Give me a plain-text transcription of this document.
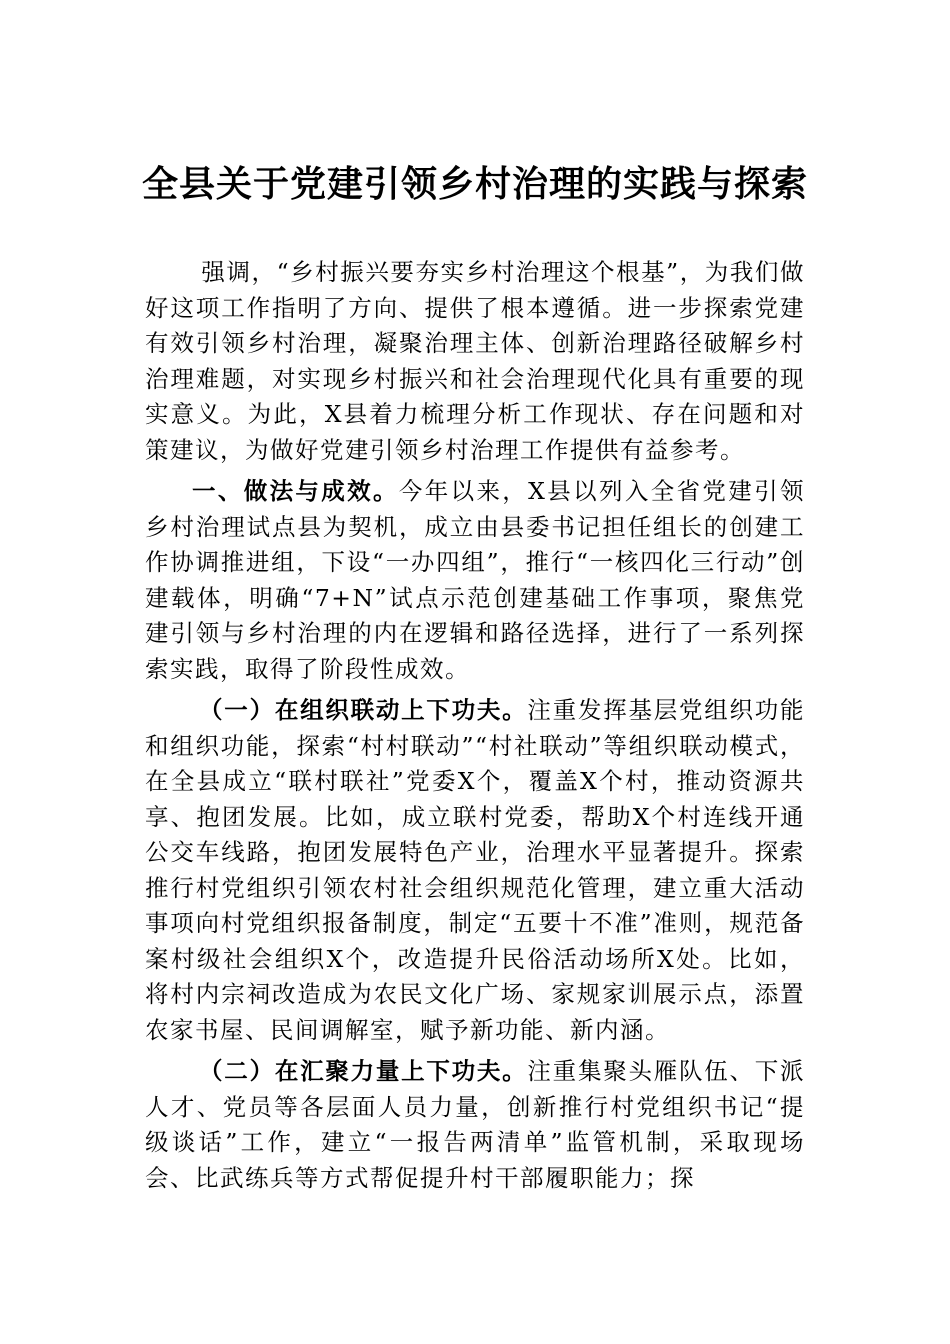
全县关于党建引领乡村治理的实践与探索

强调，“乡村振兴要夯实乡村治理这个根基”，为我们做好这项工作指明了方向、提供了根本遵循。进一步探索党建有效引领乡村治理，凝聚治理主体、创新治理路径破解乡村治理难题，对实现乡村振兴和社会治理现代化具有重要的现实意义。为此，X县着力梳理分析工作现状、存在问题和对策建议，为做好党建引领乡村治理工作提供有益参考。

一、做法与成效。今年以来，X县以列入全省党建引领乡村治理试点县为契机，成立由县委书记担任组长的创建工作协调推进组，下设“一办四组”，推行“一核四化三行动”创建载体，明确“7+N”试点示范创建基础工作事项，聚焦党建引领与乡村治理的内在逻辑和路径选择，进行了一系列探索实践，取得了阶段性成效。

（一）在组织联动上下功夫。注重发挥基层党组织功能和组织功能，探索“村村联动”“村社联动”等组织联动模式，在全县成立“联村联社”党委X个，覆盖X个村，推动资源共享、抱团发展。比如，成立联村党委，帮助X个村连线开通公交车线路，抱团发展特色产业，治理水平显著提升。探索推行村党组织引领农村社会组织规范化管理，建立重大活动事项向村党组织报备制度，制定“五要十不准”准则，规范备案村级社会组织X个，改造提升民俗活动场所X处。比如，将村内宗祠改造成为农民文化广场、家规家训展示点，添置农家书屋、民间调解室，赋予新功能、新内涵。

（二）在汇聚力量上下功夫。注重集聚头雁队伍、下派人才、党员等各层面人员力量，创新推行村党组织书记“提级谈话”工作，建立“一报告两清单”监管机制，采取现场会、比武练兵等方式帮促提升村干部履职能力；探
